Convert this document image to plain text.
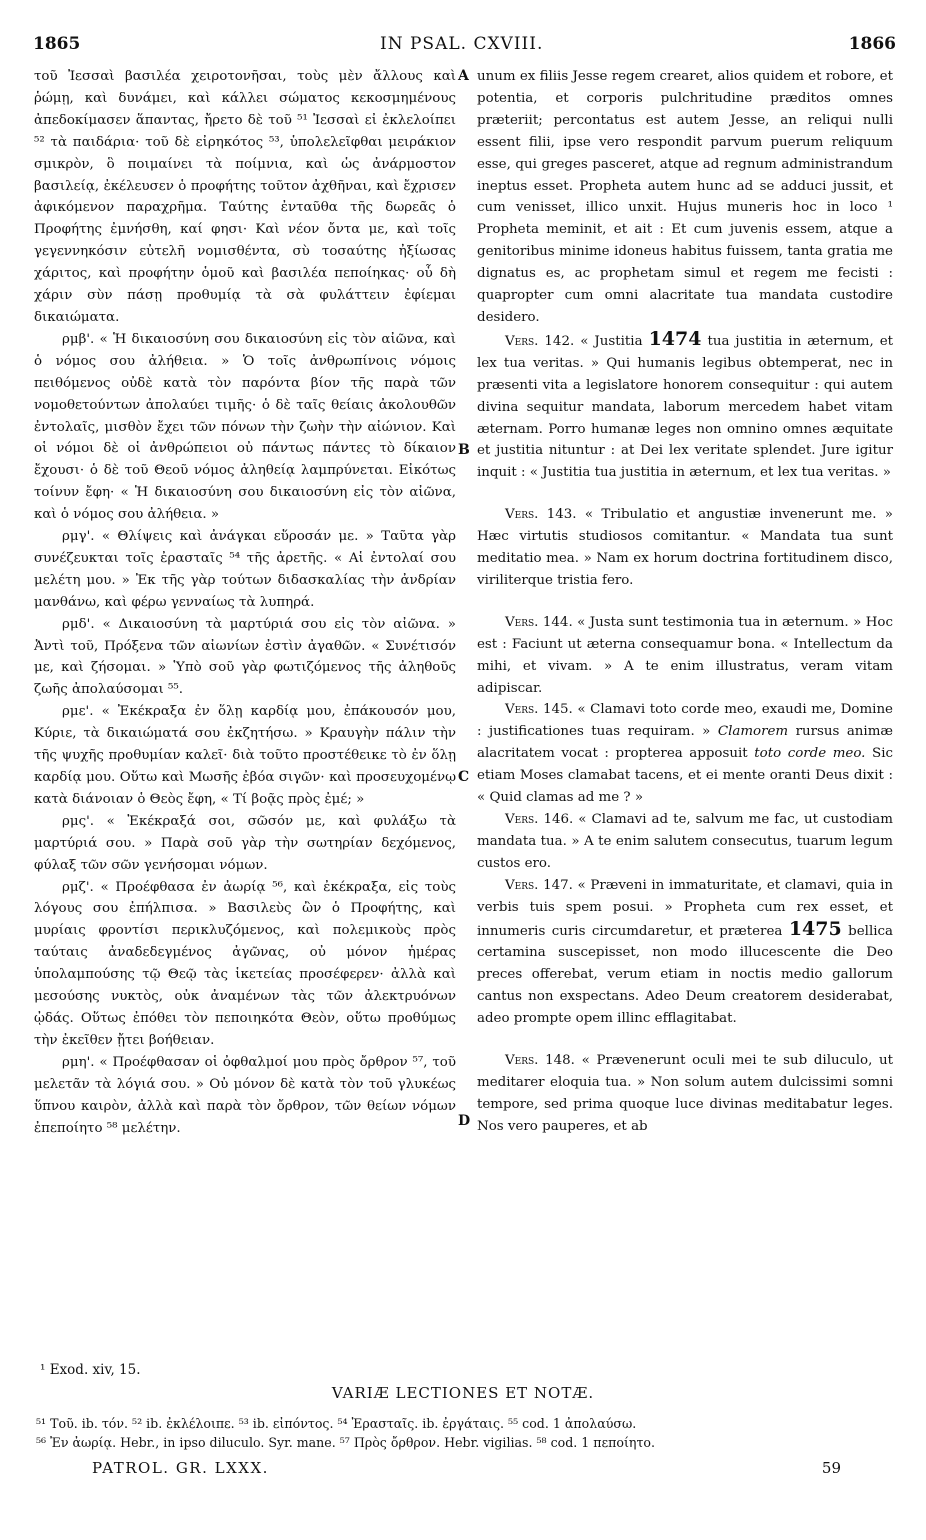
1865	IN PSAL. CXVIII.	1866

τοῦ Ἰεσσαὶ βασιλέα χειροτονῆσαι, τοὺς μὲν ἄλλους καὶ ῥώμῃ, καὶ δυνάμει, καὶ κάλλει σώματος κεκοσμημένους ἀπεδοκίμασεν ἅπαντας, ἤρετο δὲ τοῦ ⁵¹ Ἰεσσαὶ εἰ ἐκλελοίπει ⁵² τὰ παιδάρια· τοῦ δὲ εἰρηκότος ⁵³, ὑπολελεῖφθαι μειράκιον σμικρὸν, ὃ ποιμαίνει τὰ ποίμνια, καὶ ὡς ἀνάρμοστον βασιλείᾳ, ἐκέλευσεν ὁ προφήτης τοῦτον ἀχθῆναι, καὶ ἔχρισεν ἀφικόμενον παραχρῆμα. Ταύτης ἐνταῦθα τῆς δωρεᾶς ὁ Προφήτης ἐμνήσθη, καί φησι· Καὶ νέον ὄντα με, καὶ τοῖς γεγεννηκόσιν εὐτελῆ νομισθέντα, σὺ τοσαύτης ἠξίωσας χάριτος, καὶ προφήτην ὁμοῦ καὶ βασιλέα πεποίηκας· οὗ δὴ χάριν σὺν πάσῃ προθυμίᾳ τὰ σὰ φυλάττειν ἐφίεμαι δικαιώματα.

ρμβ'. « Ἡ δικαιοσύνη σου δικαιοσύνη εἰς τὸν αἰῶνα, καὶ ὁ νόμος σου ἀλήθεια. » Ὁ τοῖς ἀνθρωπίνοις νόμοις πειθόμενος οὐδὲ κατὰ τὸν παρόντα βίον τῆς παρὰ τῶν νομοθετούντων ἀπολαύει τιμῆς· ὁ δὲ ταῖς θείαις ἀκολουθῶν ἐντολαῖς, μισθὸν ἔχει τῶν πόνων τὴν ζωὴν τὴν αἰώνιον. Καὶ οἱ νόμοι δὲ οἱ ἀνθρώπειοι οὐ πάντως πάντες τὸ δίκαιον ἔχουσι· ὁ δὲ τοῦ Θεοῦ νόμος ἀληθείᾳ λαμπρύνεται. Εἰκότως τοίνυν ἔφη· « Ἡ δικαιοσύνη σου δικαιοσύνη εἰς τὸν αἰῶνα, καὶ ὁ νόμος σου ἀλήθεια. »

ρμγ'. « Θλίψεις καὶ ἀνάγκαι εὕροσάν με. » Ταῦτα γὰρ συνέζευκται τοῖς ἐρασταῖς ⁵⁴ τῆς ἀρετῆς. « Αἱ ἐντολαί σου μελέτη μου. » Ἐκ τῆς γὰρ τούτων διδασκαλίας τὴν ἀνδρίαν μανθάνω, καὶ φέρω γενναίως τὰ λυπηρά.

ρμδ'. « Δικαιοσύνη τὰ μαρτύριά σου εἰς τὸν αἰῶνα. » Ἀντὶ τοῦ, Πρόξενα τῶν αἰωνίων ἐστὶν ἀγαθῶν. « Συνέτισόν με, καὶ ζήσομαι. » Ὑπὸ σοῦ γὰρ φωτιζόμενος τῆς ἀληθοῦς ζωῆς ἀπολαύσομαι ⁵⁵.

ρμε'. « Ἐκέκραξα ἐν ὅλῃ καρδίᾳ μου, ἐπάκουσόν μου, Κύριε, τὰ δικαιώματά σου ἐκζητήσω. » Κραυγὴν πάλιν τὴν τῆς ψυχῆς προθυμίαν καλεῖ· διὰ τοῦτο προστέθεικε τὸ ἐν ὅλῃ καρδίᾳ μου. Οὕτω καὶ Μωσῆς ἐβόα σιγῶν· καὶ προσευχομένῳ κατὰ διάνοιαν ὁ Θεὸς ἔφη, « Τί βοᾷς πρὸς ἐμέ; »

ρμς'. « Ἐκέκραξά σοι, σῶσόν με, καὶ φυλάξω τὰ μαρτύριά σου. » Παρὰ σοῦ γὰρ τὴν σωτηρίαν δεχόμενος, φύλαξ τῶν σῶν γενήσομαι νόμων.

ρμζ'. « Προέφθασα ἐν ἀωρίᾳ ⁵⁶, καὶ ἐκέκραξα, εἰς τοὺς λόγους σου ἐπήλπισα. » Βασιλεὺς ὢν ὁ Προφήτης, καὶ μυρίαις φροντίσι περικλυζόμενος, καὶ πολεμικοὺς πρὸς ταύταις ἀναδεδεγμένος ἀγῶνας, οὐ μόνον ἡμέρας ὑπολαμπούσης τῷ Θεῷ τὰς ἱκετείας προσέφερεν· ἀλλὰ καὶ μεσούσης νυκτὸς, οὐκ ἀναμένων τὰς τῶν ἀλεκτρυόνων ᾠδάς. Οὕτως ἐπόθει τὸν πεποιηκότα Θεὸν, οὕτω προθύμως τὴν ἐκεῖθεν ᾔτει βοήθειαν.

ρμη'. « Προέφθασαν οἱ ὀφθαλμοί μου πρὸς ὄρθρον ⁵⁷, τοῦ μελετᾶν τὰ λόγιά σου. » Οὐ μόνον δὲ κατὰ τὸν τοῦ γλυκέως ὕπνου καιρὸν, ἀλλὰ καὶ παρὰ τὸν ὄρθρον, τῶν θείων νόμων ἐπεποίητο ⁵⁸ μελέτην.

A
B
C
D

unum ex filiis Jesse regem crearet, alios quidem et robore, et potentia, et corporis pulchritudine præditos omnes præteriit; percontatus est autem Jesse, an reliqui nulli essent filii, ipse vero respondit parvum puerum reliquum esse, qui greges pasceret, atque ad regnum administrandum ineptus esset. Propheta autem hunc ad se adduci jussit, et cum venisset, illico unxit. Hujus muneris hoc in loco ¹ Propheta meminit, et ait : Et cum juvenis essem, atque a genitoribus minime idoneus habitus fuissem, tanta gratia me dignatus es, ac prophetam simul et regem me fecisti : quapropter cum omni alacritate tua mandata custodire desidero.

Vers. 142. « Justitia 1474 tua justitia in æternum, et lex tua veritas. » Qui humanis legibus obtemperat, nec in præsenti vita a legislatore honorem consequitur : qui autem divina sequitur mandata, laborum mercedem habet vitam æternam. Porro humanæ leges non omnino omnes æquitate et justitia nituntur : at Dei lex veritate splendet. Jure igitur inquit : « Justitia tua justitia in æternum, et lex tua veritas. »

Vers. 143. « Tribulatio et angustiæ invenerunt me. » Hæc virtutis studiosos comitantur. « Mandata tua sunt meditatio mea. » Nam ex horum doctrina fortitudinem disco, viriliterque tristia fero.

Vers. 144. « Justa sunt testimonia tua in æternum. » Hoc est : Faciunt ut æterna consequamur bona. « Intellectum da mihi, et vivam. » A te enim illustratus, veram vitam adipiscar.

Vers. 145. « Clamavi toto corde meo, exaudi me, Domine : justificationes tuas requiram. » Clamorem rursus animæ alacritatem vocat : propterea apposuit toto corde meo. Sic etiam Moses clamabat tacens, et ei mente oranti Deus dixit : « Quid clamas ad me ? »

Vers. 146. « Clamavi ad te, salvum me fac, ut custodiam mandata tua. » A te enim salutem consecutus, tuarum legum custos ero.

Vers. 147. « Præveni in immaturitate, et clamavi, quia in verbis tuis spem posui. » Propheta cum rex esset, et innumeris curis circumdaretur, et præterea 1475 bellica certamina suscepisset, non modo illucescente die Deo preces offerebat, verum etiam in noctis medio gallorum cantus non exspectans. Adeo Deum creatorem desiderabat, adeo prompte opem illinc efflagitabat.

Vers. 148. « Prævenerunt oculi mei te sub diluculo, ut meditarer eloquia tua. » Non solum autem dulcissimi somni tempore, sed prima quoque luce divinas meditabatur leges. Nos vero pauperes, et ab

¹ Exod. xiv, 15.
VARIÆ LECTIONES ET NOTÆ.

⁵¹ Τοῦ. ib. τόν. ⁵² ib. ἐκλέλοιπε. ⁵³ ib. εἰπόντος. ⁵⁴ Ἐρασταῖς. ib. ἐργάταις. ⁵⁵ cod. 1 ἀπολαύσω.

⁵⁶ Ἐν ἀωρίᾳ. Hebr., in ipso diluculo. Syr. mane. ⁵⁷ Πρὸς ὄρθρον. Hebr. vigilias. ⁵⁸ cod. 1 πεποίητο.

PATROL. GR. LXXX.	59
